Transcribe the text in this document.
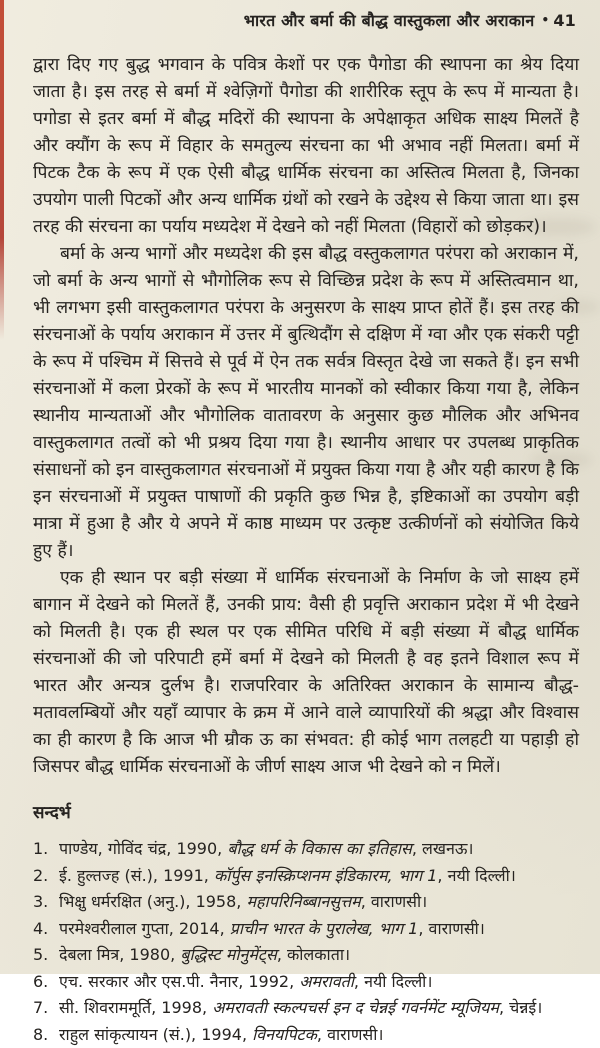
भारत और बर्मा की बौद्ध वास्तुकला और अराकान • 41

द्वारा दिए गए बुद्ध भगवान के पवित्र केशों पर एक पैगोडा की स्थापना का श्रेय दिया जाता है। इस तरह से बर्मा में श्वेज़िगों पैगोडा की शारीरिक स्तूप के रूप में मान्यता है। पगोडा से इतर बर्मा में बौद्ध मदिरों की स्थापना के अपेक्षाकृत अधिक साक्ष्य मिलतें है और क्यौंग के रूप में विहार के समतुल्य संरचना का भी अभाव नहीं मिलता। बर्मा में पिटक टैक के रूप में एक ऐसी बौद्ध धार्मिक संरचना का अस्तित्व मिलता है, जिनका उपयोग पाली पिटकों और अन्य धार्मिक ग्रंथों को रखने के उद्देश्य से किया जाता था। इस तरह की संरचना का पर्याय मध्यदेश में देखने को नहीं मिलता (विहारों को छोड़कर)।

बर्मा के अन्य भागों और मध्यदेश की इस बौद्ध वस्तुकलागत परंपरा को अराकान में, जो बर्मा के अन्य भागों से भौगोलिक रूप से विच्छिन्न प्रदेश के रूप में अस्तित्वमान था, भी लगभग इसी वास्तुकलागत परंपरा के अनुसरण के साक्ष्य प्राप्त होतें हैं। इस तरह की संरचनाओं के पर्याय अराकान में उत्तर में बुत्थिदौंग से दक्षिण में ग्वा और एक संकरी पट्टी के रूप में पश्चिम में सित्तवे से पूर्व में ऐन तक सर्वत्र विस्तृत देखे जा सकते हैं। इन सभी संरचनाओं में कला प्रेरकों के रूप में भारतीय मानकों को स्वीकार किया गया है, लेकिन स्थानीय मान्यताओं और भौगोलिक वातावरण के अनुसार कुछ मौलिक और अभिनव वास्तुकलागत तत्वों को भी प्रश्रय दिया गया है। स्थानीय आधार पर उपलब्ध प्राकृतिक संसाधनों को इन वास्तुकलागत संरचनाओं में प्रयुक्त किया गया है और यही कारण है कि इन संरचनाओं में प्रयुक्त पाषाणों की प्रकृति कुछ भिन्न है, इष्टिकाओं का उपयोग बड़ी मात्रा में हुआ है और ये अपने में काष्ठ माध्यम पर उत्कृष्ट उत्कीर्णनों को संयोजित किये हुए हैं।

एक ही स्थान पर बड़ी संख्या में धार्मिक संरचनाओं के निर्माण के जो साक्ष्य हमें बागान में देखने को मिलतें हैं, उनकी प्राय: वैसी ही प्रवृत्ति अराकान प्रदेश में भी देखने को मिलती है। एक ही स्थल पर एक सीमित परिधि में बड़ी संख्या में बौद्ध धार्मिक संरचनाओं की जो परिपाटी हमें बर्मा में देखने को मिलती है वह इतने विशाल रूप में भारत और अन्यत्र दुर्लभ है। राजपरिवार के अतिरिक्त अराकान के सामान्य बौद्ध-मतावलम्बियों और यहाँ व्यापार के क्रम में आने वाले व्यापारियों की श्रद्धा और विश्वास का ही कारण है कि आज भी म्रौक ऊ का संभवत: ही कोई भाग तलहटी या पहाड़ी हो जिसपर बौद्ध धार्मिक संरचनाओं के जीर्ण साक्ष्य आज भी देखने को न मिलें।

सन्दर्भ
1. पाण्डेय, गोविंद चंद्र, 1990, बौद्ध धर्म के विकास का इतिहास, लखनऊ।
2. ई. हुल्तज्ह (सं.), 1991, कॉर्पुस इनस्क्रिप्शनम इंडिकारम, भाग 1, नयी दिल्ली।
3. भिक्षु धर्मरक्षित (अनु.), 1958, महापरिनिब्बानसुत्तम, वाराणसी।
4. परमेश्वरीलाल गुप्ता, 2014, प्राचीन भारत के पुरालेख, भाग 1, वाराणसी।
5. देबला मित्र, 1980, बुद्धिस्ट मोनुमेंट्स, कोलकाता।
6. एच. सरकार और एस.पी. नैनार, 1992, अमरावती, नयी दिल्ली।
7. सी. शिवराममूर्ति, 1998, अमरावती स्कल्पचर्स इन द चेन्नई गवर्नमेंट म्यूजियम, चेन्नई।
8. राहुल सांकृत्यायन (सं.), 1994, विनयपिटक, वाराणसी।
